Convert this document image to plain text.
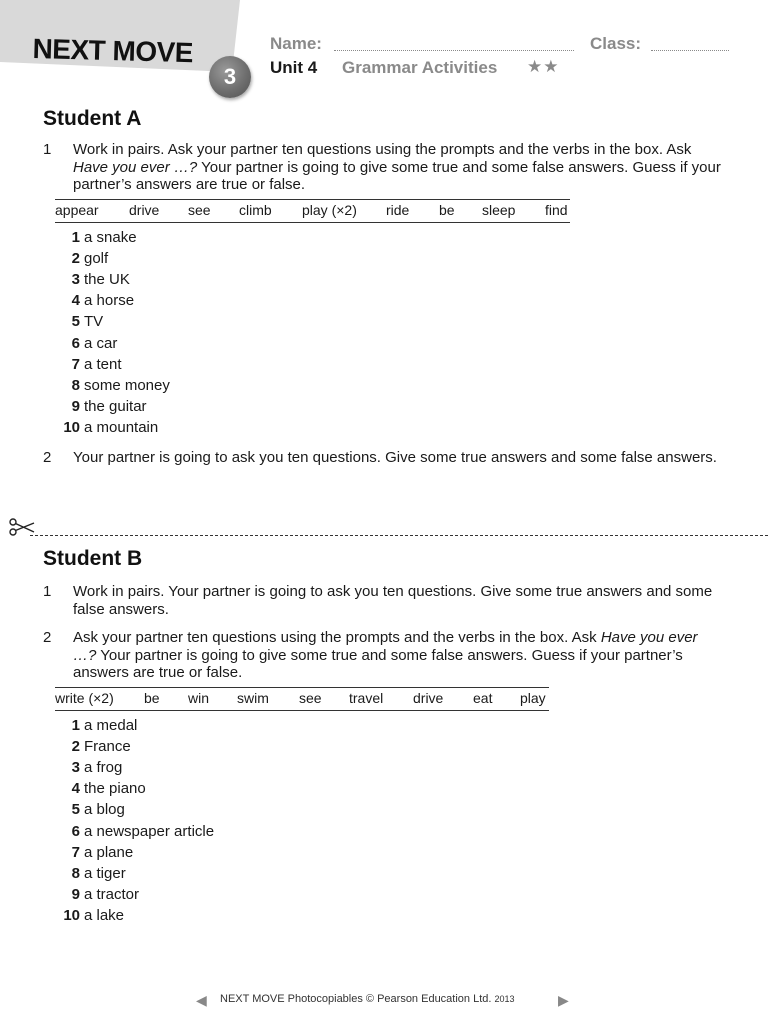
NEXT MOVE
3
Name:	Class:
Unit 4 Grammar Activities ★★
Student A
1 Work in pairs. Ask your partner ten questions using the prompts and the verbs in the box. Ask Have you ever …? Your partner is going to give some true and some false answers. Guess if your partner’s answers are true or false.
appear drive see climb play (×2) ride be sleep find
1 a snake
2 golf
3 the UK
4 a horse
5 TV
6 a car
7 a tent
8 some money
9 the guitar
10 a mountain
2 Your partner is going to ask you ten questions. Give some true answers and some false answers.
Student B
1 Work in pairs. Your partner is going to ask you ten questions. Give some true answers and some false answers.
2 Ask your partner ten questions using the prompts and the verbs in the box. Ask Have you ever …? Your partner is going to give some true and some false answers. Guess if your partner’s answers are true or false.
write (×2) be win swim see travel drive eat play
1 a medal
2 France
3 a frog
4 the piano
5 a blog
6 a newspaper article
7 a plane
8 a tiger
9 a tractor
10 a lake
◀ NEXT MOVE Photocopiables © Pearson Education Ltd. 2013	▶
